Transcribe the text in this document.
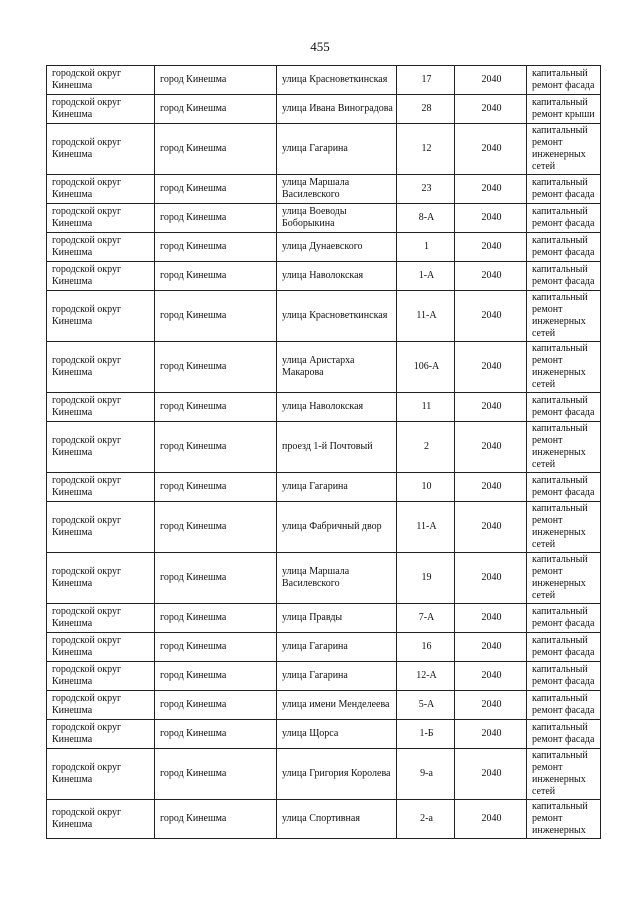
455
городской округ Кинешма	город Кинешма	улица Красноветкинская	17	2040	капитальный ремонт фасада
городской округ Кинешма	город Кинешма	улица Ивана Виноградова	28	2040	капитальный ремонт крыши
городской округ Кинешма	город Кинешма	улица Гагарина	12	2040	капитальный ремонт инженерных сетей
городской округ Кинешма	город Кинешма	улица Маршала Василевского	23	2040	капитальный ремонт фасада
городской округ Кинешма	город Кинешма	улица Воеводы Боборыкина	8-А	2040	капитальный ремонт фасада
городской округ Кинешма	город Кинешма	улица Дунаевского	1	2040	капитальный ремонт фасада
городской округ Кинешма	город Кинешма	улица Наволокская	1-А	2040	капитальный ремонт фасада
городской округ Кинешма	город Кинешма	улица Красноветкинская	11-А	2040	капитальный ремонт инженерных сетей
городской округ Кинешма	город Кинешма	улица Аристарха Макарова	106-А	2040	капитальный ремонт инженерных сетей
городской округ Кинешма	город Кинешма	улица Наволокская	11	2040	капитальный ремонт фасада
городской округ Кинешма	город Кинешма	проезд 1-й Почтовый	2	2040	капитальный ремонт инженерных сетей
городской округ Кинешма	город Кинешма	улица Гагарина	10	2040	капитальный ремонт фасада
городской округ Кинешма	город Кинешма	улица Фабричный двор	11-А	2040	капитальный ремонт инженерных сетей
городской округ Кинешма	город Кинешма	улица Маршала Василевского	19	2040	капитальный ремонт инженерных сетей
городской округ Кинешма	город Кинешма	улица Правды	7-А	2040	капитальный ремонт фасада
городской округ Кинешма	город Кинешма	улица Гагарина	16	2040	капитальный ремонт фасада
городской округ Кинешма	город Кинешма	улица Гагарина	12-А	2040	капитальный ремонт фасада
городской округ Кинешма	город Кинешма	улица имени Менделеева	5-А	2040	капитальный ремонт фасада
городской округ Кинешма	город Кинешма	улица Щорса	1-Б	2040	капитальный ремонт фасада
городской округ Кинешма	город Кинешма	улица Григория Королева	9-а	2040	капитальный ремонт инженерных сетей
городской округ Кинешма	город Кинешма	улица Спортивная	2-а	2040	капитальный ремонт инженерных
